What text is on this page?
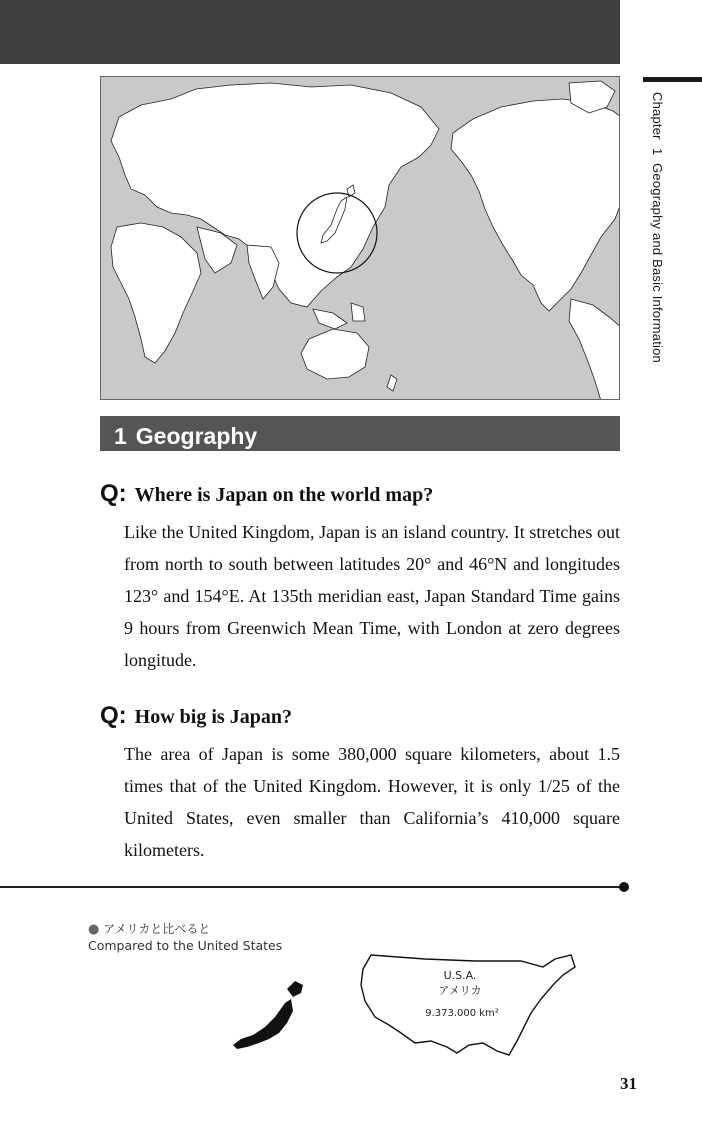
Chapter1Geography and Basic Information
1 Geography
Q: Where is Japan on the world map?
Like the United Kingdom, Japan is an island country. It stretches out from north to south between latitudes 20° and 46°N and longitudes 123° and 154°E. At 135th meridian east, Japan Standard Time gains 9 hours from Greenwich Mean Time, with London at zero degrees longitude.
Q: How big is Japan?
The area of Japan is some 380,000 square kilometers, about 1.5 times that of the United Kingdom. However, it is only 1/25 of the United States, even smaller than California’s 410,000 square kilometers.
● アメリカと比べると
Compared to the United States
U.S.A.
アメリカ
9.373.000 km²
31
